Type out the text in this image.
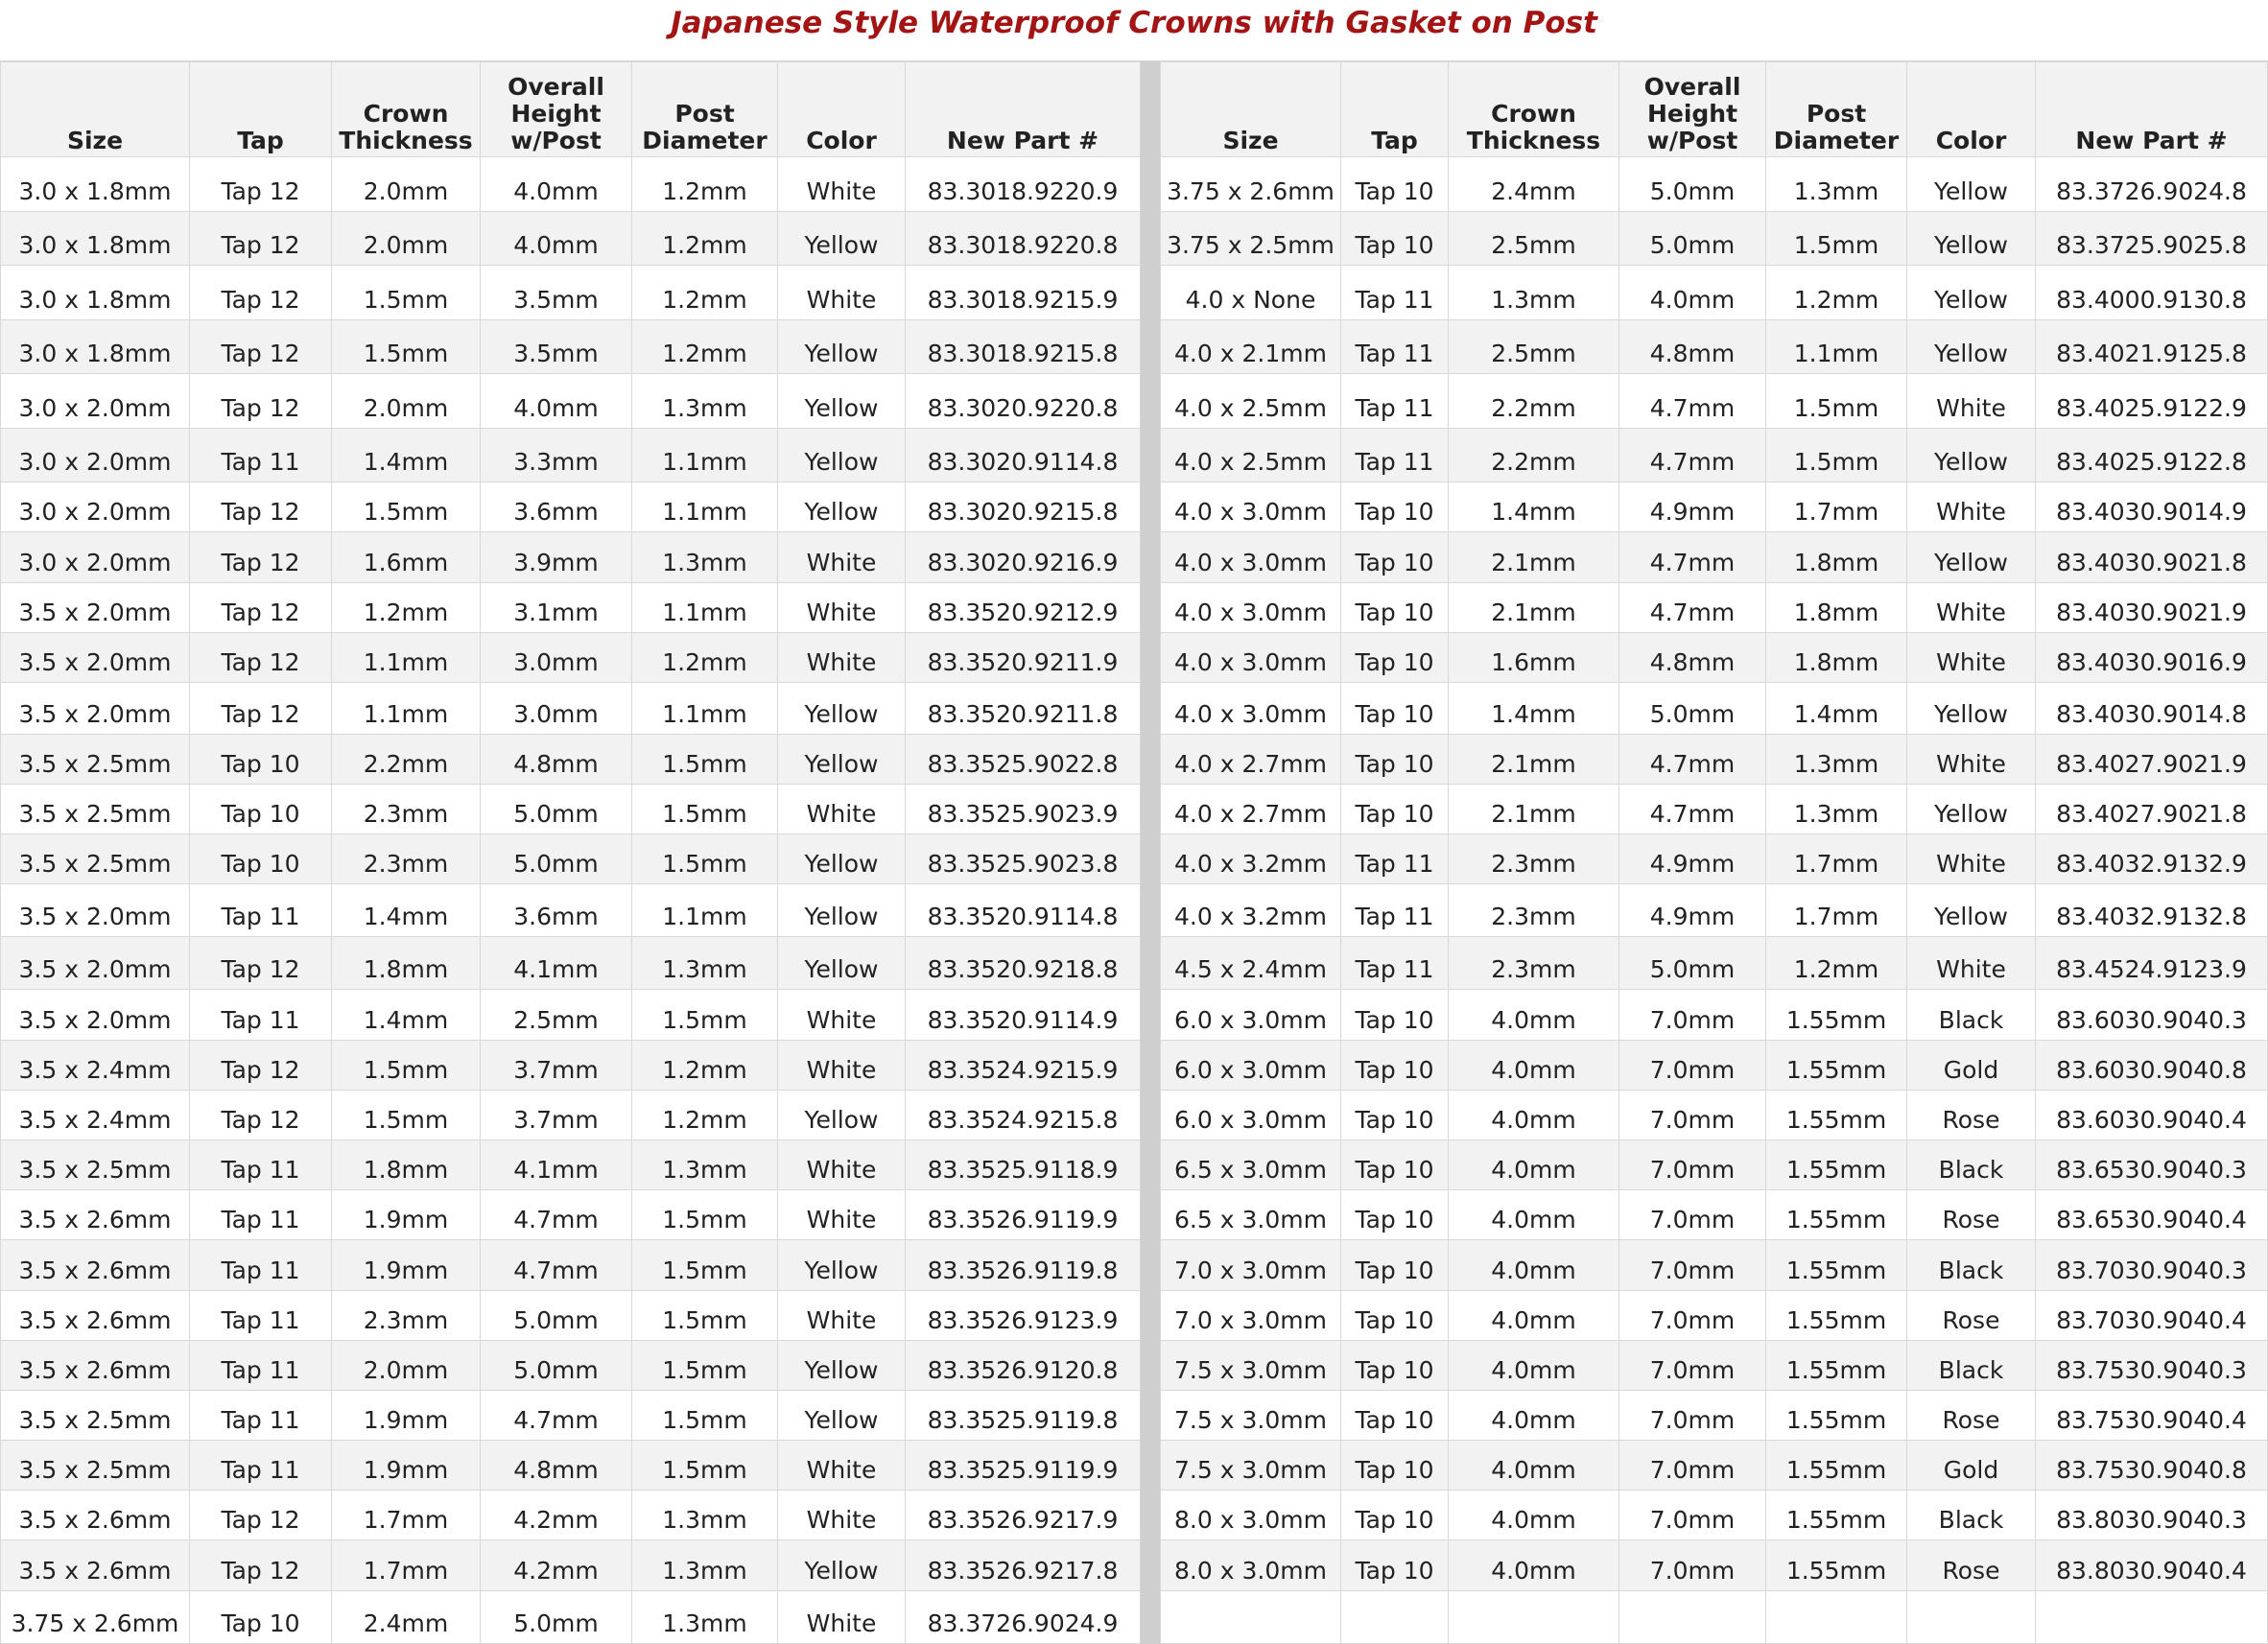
Japanese Style Waterproof Crowns with Gasket on Post
Size	Tap	Crown Thickness	Overall Height w/Post	Post Diameter	Color	New Part #
3.0 x 1.8mm	Tap 12	2.0mm	4.0mm	1.2mm	White	83.3018.9220.9
3.0 x 1.8mm	Tap 12	2.0mm	4.0mm	1.2mm	Yellow	83.3018.9220.8
3.0 x 1.8mm	Tap 12	1.5mm	3.5mm	1.2mm	White	83.3018.9215.9
3.0 x 1.8mm	Tap 12	1.5mm	3.5mm	1.2mm	Yellow	83.3018.9215.8
3.0 x 2.0mm	Tap 12	2.0mm	4.0mm	1.3mm	Yellow	83.3020.9220.8
3.0 x 2.0mm	Tap 11	1.4mm	3.3mm	1.1mm	Yellow	83.3020.9114.8
3.0 x 2.0mm	Tap 12	1.5mm	3.6mm	1.1mm	Yellow	83.3020.9215.8
3.0 x 2.0mm	Tap 12	1.6mm	3.9mm	1.3mm	White	83.3020.9216.9
3.5 x 2.0mm	Tap 12	1.2mm	3.1mm	1.1mm	White	83.3520.9212.9
3.5 x 2.0mm	Tap 12	1.1mm	3.0mm	1.2mm	White	83.3520.9211.9
3.5 x 2.0mm	Tap 12	1.1mm	3.0mm	1.1mm	Yellow	83.3520.9211.8
3.5 x 2.5mm	Tap 10	2.2mm	4.8mm	1.5mm	Yellow	83.3525.9022.8
3.5 x 2.5mm	Tap 10	2.3mm	5.0mm	1.5mm	White	83.3525.9023.9
3.5 x 2.5mm	Tap 10	2.3mm	5.0mm	1.5mm	Yellow	83.3525.9023.8
3.5 x 2.0mm	Tap 11	1.4mm	3.6mm	1.1mm	Yellow	83.3520.9114.8
3.5 x 2.0mm	Tap 12	1.8mm	4.1mm	1.3mm	Yellow	83.3520.9218.8
3.5 x 2.0mm	Tap 11	1.4mm	2.5mm	1.5mm	White	83.3520.9114.9
3.5 x 2.4mm	Tap 12	1.5mm	3.7mm	1.2mm	White	83.3524.9215.9
3.5 x 2.4mm	Tap 12	1.5mm	3.7mm	1.2mm	Yellow	83.3524.9215.8
3.5 x 2.5mm	Tap 11	1.8mm	4.1mm	1.3mm	White	83.3525.9118.9
3.5 x 2.6mm	Tap 11	1.9mm	4.7mm	1.5mm	White	83.3526.9119.9
3.5 x 2.6mm	Tap 11	1.9mm	4.7mm	1.5mm	Yellow	83.3526.9119.8
3.5 x 2.6mm	Tap 11	2.3mm	5.0mm	1.5mm	White	83.3526.9123.9
3.5 x 2.6mm	Tap 11	2.0mm	5.0mm	1.5mm	Yellow	83.3526.9120.8
3.5 x 2.5mm	Tap 11	1.9mm	4.7mm	1.5mm	Yellow	83.3525.9119.8
3.5 x 2.5mm	Tap 11	1.9mm	4.8mm	1.5mm	White	83.3525.9119.9
3.5 x 2.6mm	Tap 12	1.7mm	4.2mm	1.3mm	White	83.3526.9217.9
3.5 x 2.6mm	Tap 12	1.7mm	4.2mm	1.3mm	Yellow	83.3526.9217.8
3.75 x 2.6mm	Tap 10	2.4mm	5.0mm	1.3mm	White	83.3726.9024.9
Size	Tap	Crown Thickness	Overall Height w/Post	Post Diameter	Color	New Part #
3.75 x 2.6mm	Tap 10	2.4mm	5.0mm	1.3mm	Yellow	83.3726.9024.8
3.75 x 2.5mm	Tap 10	2.5mm	5.0mm	1.5mm	Yellow	83.3725.9025.8
4.0 x None	Tap 11	1.3mm	4.0mm	1.2mm	Yellow	83.4000.9130.8
4.0 x 2.1mm	Tap 11	2.5mm	4.8mm	1.1mm	Yellow	83.4021.9125.8
4.0 x 2.5mm	Tap 11	2.2mm	4.7mm	1.5mm	White	83.4025.9122.9
4.0 x 2.5mm	Tap 11	2.2mm	4.7mm	1.5mm	Yellow	83.4025.9122.8
4.0 x 3.0mm	Tap 10	1.4mm	4.9mm	1.7mm	White	83.4030.9014.9
4.0 x 3.0mm	Tap 10	2.1mm	4.7mm	1.8mm	Yellow	83.4030.9021.8
4.0 x 3.0mm	Tap 10	2.1mm	4.7mm	1.8mm	White	83.4030.9021.9
4.0 x 3.0mm	Tap 10	1.6mm	4.8mm	1.8mm	White	83.4030.9016.9
4.0 x 3.0mm	Tap 10	1.4mm	5.0mm	1.4mm	Yellow	83.4030.9014.8
4.0 x 2.7mm	Tap 10	2.1mm	4.7mm	1.3mm	White	83.4027.9021.9
4.0 x 2.7mm	Tap 10	2.1mm	4.7mm	1.3mm	Yellow	83.4027.9021.8
4.0 x 3.2mm	Tap 11	2.3mm	4.9mm	1.7mm	White	83.4032.9132.9
4.0 x 3.2mm	Tap 11	2.3mm	4.9mm	1.7mm	Yellow	83.4032.9132.8
4.5 x 2.4mm	Tap 11	2.3mm	5.0mm	1.2mm	White	83.4524.9123.9
6.0 x 3.0mm	Tap 10	4.0mm	7.0mm	1.55mm	Black	83.6030.9040.3
6.0 x 3.0mm	Tap 10	4.0mm	7.0mm	1.55mm	Gold	83.6030.9040.8
6.0 x 3.0mm	Tap 10	4.0mm	7.0mm	1.55mm	Rose	83.6030.9040.4
6.5 x 3.0mm	Tap 10	4.0mm	7.0mm	1.55mm	Black	83.6530.9040.3
6.5 x 3.0mm	Tap 10	4.0mm	7.0mm	1.55mm	Rose	83.6530.9040.4
7.0 x 3.0mm	Tap 10	4.0mm	7.0mm	1.55mm	Black	83.7030.9040.3
7.0 x 3.0mm	Tap 10	4.0mm	7.0mm	1.55mm	Rose	83.7030.9040.4
7.5 x 3.0mm	Tap 10	4.0mm	7.0mm	1.55mm	Black	83.7530.9040.3
7.5 x 3.0mm	Tap 10	4.0mm	7.0mm	1.55mm	Rose	83.7530.9040.4
7.5 x 3.0mm	Tap 10	4.0mm	7.0mm	1.55mm	Gold	83.7530.9040.8
8.0 x 3.0mm	Tap 10	4.0mm	7.0mm	1.55mm	Black	83.8030.9040.3
8.0 x 3.0mm	Tap 10	4.0mm	7.0mm	1.55mm	Rose	83.8030.9040.4
